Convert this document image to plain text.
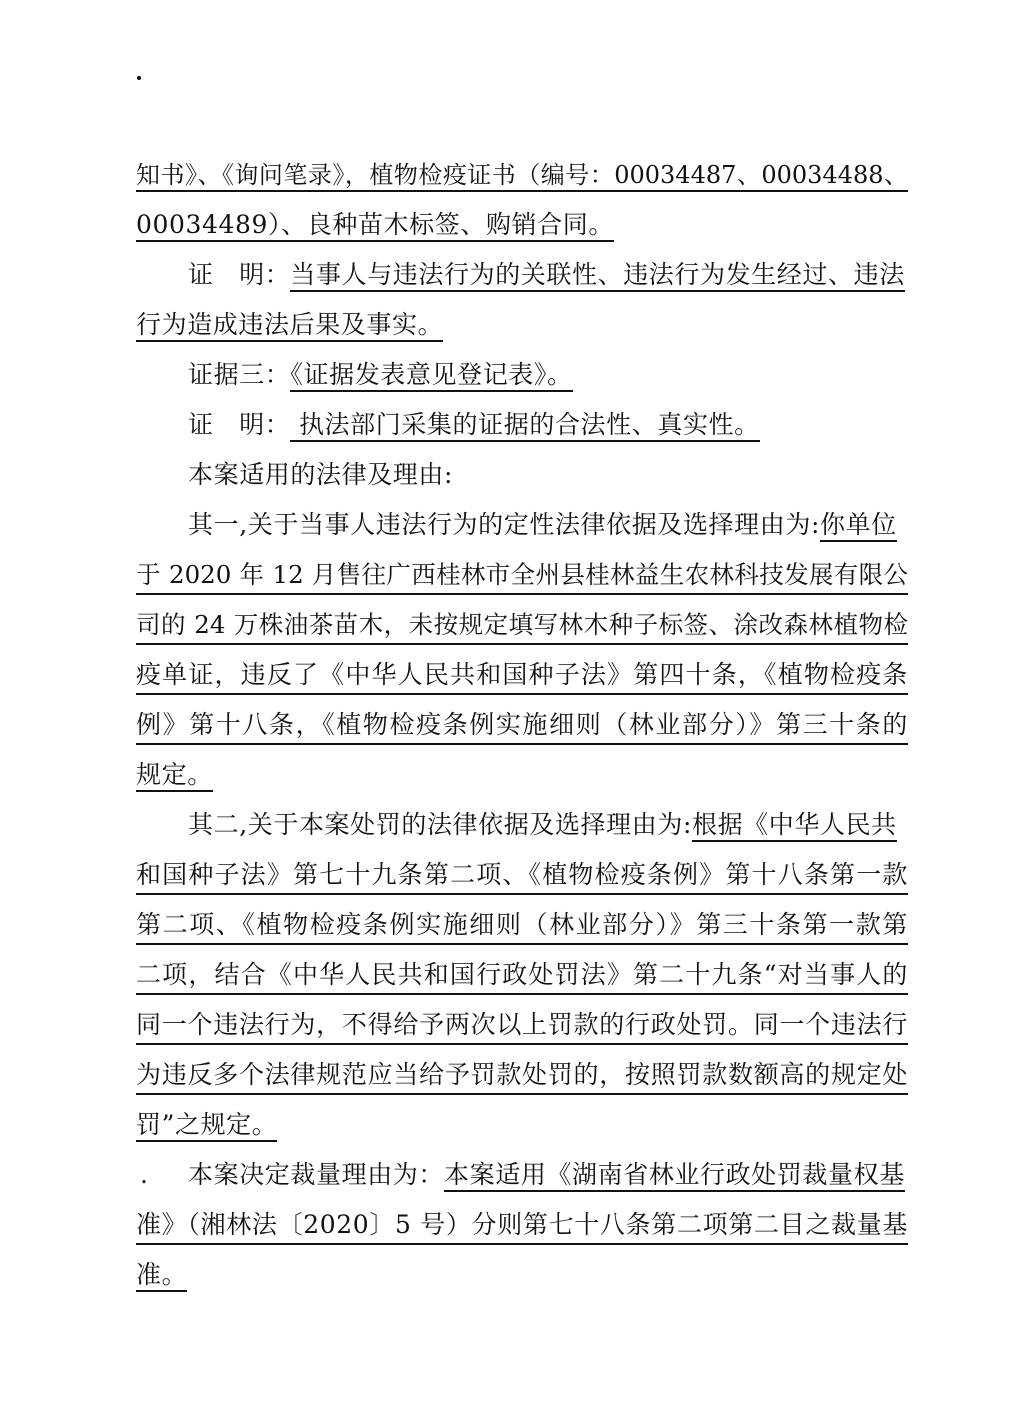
知书》、《询问笔录》，植物检疫证书（编号：00034487、00034488、
00034489）、良种苗木标签、购销合同。
证　明：当事人与违法行为的关联性、违法行为发生经过、违法
行为造成违法后果及事实。
证据三：《证据发表意见登记表》。
证　明： 执法部门采集的证据的合法性、真实性。
本案适用的法律及理由:
其一,关于当事人违法行为的定性法律依据及选择理由为:你单位
于 2020 年 12 月售往广西桂林市全州县桂林益生农林科技发展有限公
司的 24 万株油茶苗木，未按规定填写林木种子标签、涂改森林植物检
疫单证，违反了《中华人民共和国种子法》第四十条，《植物检疫条
例》第十八条，《植物检疫条例实施细则（林业部分）》第三十条的
规定。
其二,关于本案处罚的法律依据及选择理由为:根据《中华人民共
和国种子法》第七十九条第二项、《植物检疫条例》第十八条第一款
第二项、《植物检疫条例实施细则（林业部分）》第三十条第一款第
二项，结合《中华人民共和国行政处罚法》第二十九条“对当事人的
同一个违法行为，不得给予两次以上罚款的行政处罚。同一个违法行
为违反多个法律规范应当给予罚款处罚的，按照罚款数额高的规定处
罚”之规定。
. 本案决定裁量理由为：本案适用《湖南省林业行政处罚裁量权基
准》（湘林法〔2020〕5 号）分则第七十八条第二项第二目之裁量基
准。
